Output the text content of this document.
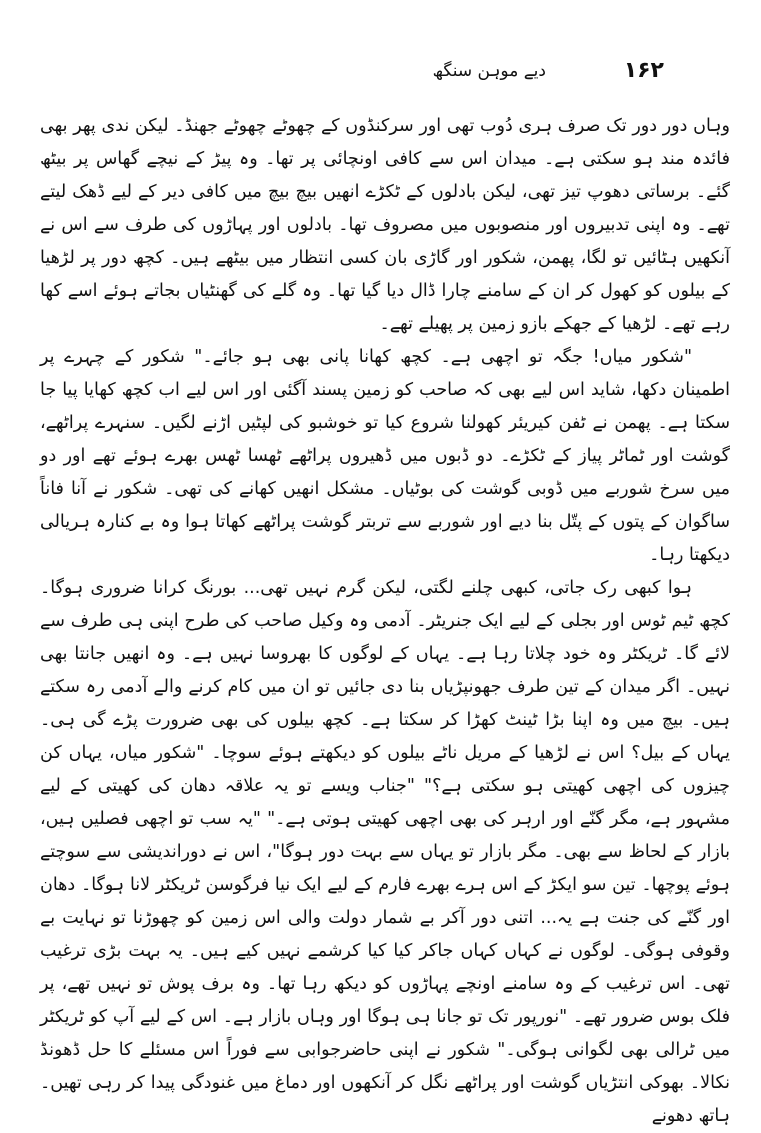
۱۶۲
دیے موہن سنگھ

وہاں دور دور تک صرف ہری دُوب تھی اور سرکنڈوں کے چھوٹے چھوٹے جھنڈ۔ لیکن ندی پھر بھی فائدہ مند ہو سکتی ہے۔ میدان اس سے کافی اونچائی پر تھا۔ وہ پیڑ کے نیچے گھاس پر بیٹھ گئے۔ برساتی دھوپ تیز تھی، لیکن بادلوں کے ٹکڑے انھیں بیچ بیچ میں کافی دیر کے لیے ڈھک لیتے تھے۔ وہ اپنی تدبیروں اور منصوبوں میں مصروف تھا۔ بادلوں اور پہاڑوں کی طرف سے اس نے آنکھیں ہٹائیں تو لگا، پھمن، شکور اور گاڑی بان کسی انتظار میں بیٹھے ہیں۔ کچھ دور پر لڑھیا کے بیلوں کو کھول کر ان کے سامنے چارا ڈال دیا گیا تھا۔ وہ گلے کی گھنٹیاں بجاتے ہوئے اسے کھا رہے تھے۔ لڑھیا کے جھکے بازو زمین پر پھیلے تھے۔

"شکور میاں! جگہ تو اچھی ہے۔ کچھ کھانا پانی بھی ہو جائے۔" شکور کے چہرے پر اطمینان دکھا، شاید اس لیے بھی کہ صاحب کو زمین پسند آگئی اور اس لیے اب کچھ کھایا پیا جا سکتا ہے۔ پھمن نے ٹفن کیریئر کھولنا شروع کیا تو خوشبو کی لپٹیں اڑنے لگیں۔ سنہرے پراٹھے، گوشت اور ٹماٹر پیاز کے ٹکڑے۔ دو ڈبوں میں ڈھیروں پراٹھے ٹھسا ٹھس بھرے ہوئے تھے اور دو میں سرخ شوربے میں ڈوبی گوشت کی بوٹیاں۔ مشکل انھیں کھانے کی تھی۔ شکور نے آنا فاناً ساگوان کے پتوں کے پتّل بنا دیے اور شوربے سے تربتر گوشت پراٹھے کھاتا ہوا وہ بے کنارہ ہریالی دیکھتا رہا۔

ہوا کبھی رک جاتی، کبھی چلنے لگتی، لیکن گرم نہیں تھی... بورنگ کرانا ضروری ہوگا۔ کچھ ٹیم ٹوس اور بجلی کے لیے ایک جنریٹر۔ آدمی وہ وکیل صاحب کی طرح اپنی ہی طرف سے لائے گا۔ ٹریکٹر وہ خود چلاتا رہا ہے۔ یہاں کے لوگوں کا بھروسا نہیں ہے۔ وہ انھیں جانتا بھی نہیں۔ اگر میدان کے تین طرف جھونپڑیاں بنا دی جائیں تو ان میں کام کرنے والے آدمی رہ سکتے ہیں۔ بیچ میں وہ اپنا بڑا ٹینٹ کھڑا کر سکتا ہے۔ کچھ بیلوں کی بھی ضرورت پڑے گی ہی۔ یہاں کے بیل؟ اس نے لڑھیا کے مریل ناٹے بیلوں کو دیکھتے ہوئے سوچا۔ "شکور میاں، یہاں کن چیزوں کی اچھی کھیتی ہو سکتی ہے؟" "جناب ویسے تو یہ علاقہ دھان کی کھیتی کے لیے مشہور ہے، مگر گنّے اور ارہر کی بھی اچھی کھیتی ہوتی ہے۔" "یہ سب تو اچھی فصلیں ہیں، بازار کے لحاظ سے بھی۔ مگر بازار تو یہاں سے بہت دور ہوگا"، اس نے دوراندیشی سے سوچتے ہوئے پوچھا۔ تین سو ایکڑ کے اس ہرے بھرے فارم کے لیے ایک نیا فرگوسن ٹریکٹر لانا ہوگا۔ دھان اور گنّے کی جنت ہے یہ... اتنی دور آکر بے شمار دولت والی اس زمین کو چھوڑنا تو نہایت بے وقوفی ہوگی۔ لوگوں نے کہاں کہاں جاکر کیا کیا کرشمے نہیں کیے ہیں۔ یہ بہت بڑی ترغیب تھی۔ اس ترغیب کے وہ سامنے اونچے پہاڑوں کو دیکھ رہا تھا۔ وہ برف پوش تو نہیں تھے، پر فلک بوس ضرور تھے۔ "نورپور تک تو جانا ہی ہوگا اور وہاں بازار ہے۔ اس کے لیے آپ کو ٹریکٹر میں ٹرالی بھی لگوانی ہوگی۔" شکور نے اپنی حاضرجوابی سے فوراً اس مسئلے کا حل ڈھونڈ نکالا۔ بھوکی انتڑیاں گوشت اور پراٹھے نگل کر آنکھوں اور دماغ میں غنودگی پیدا کر رہی تھیں۔ ہاتھ دھونے
